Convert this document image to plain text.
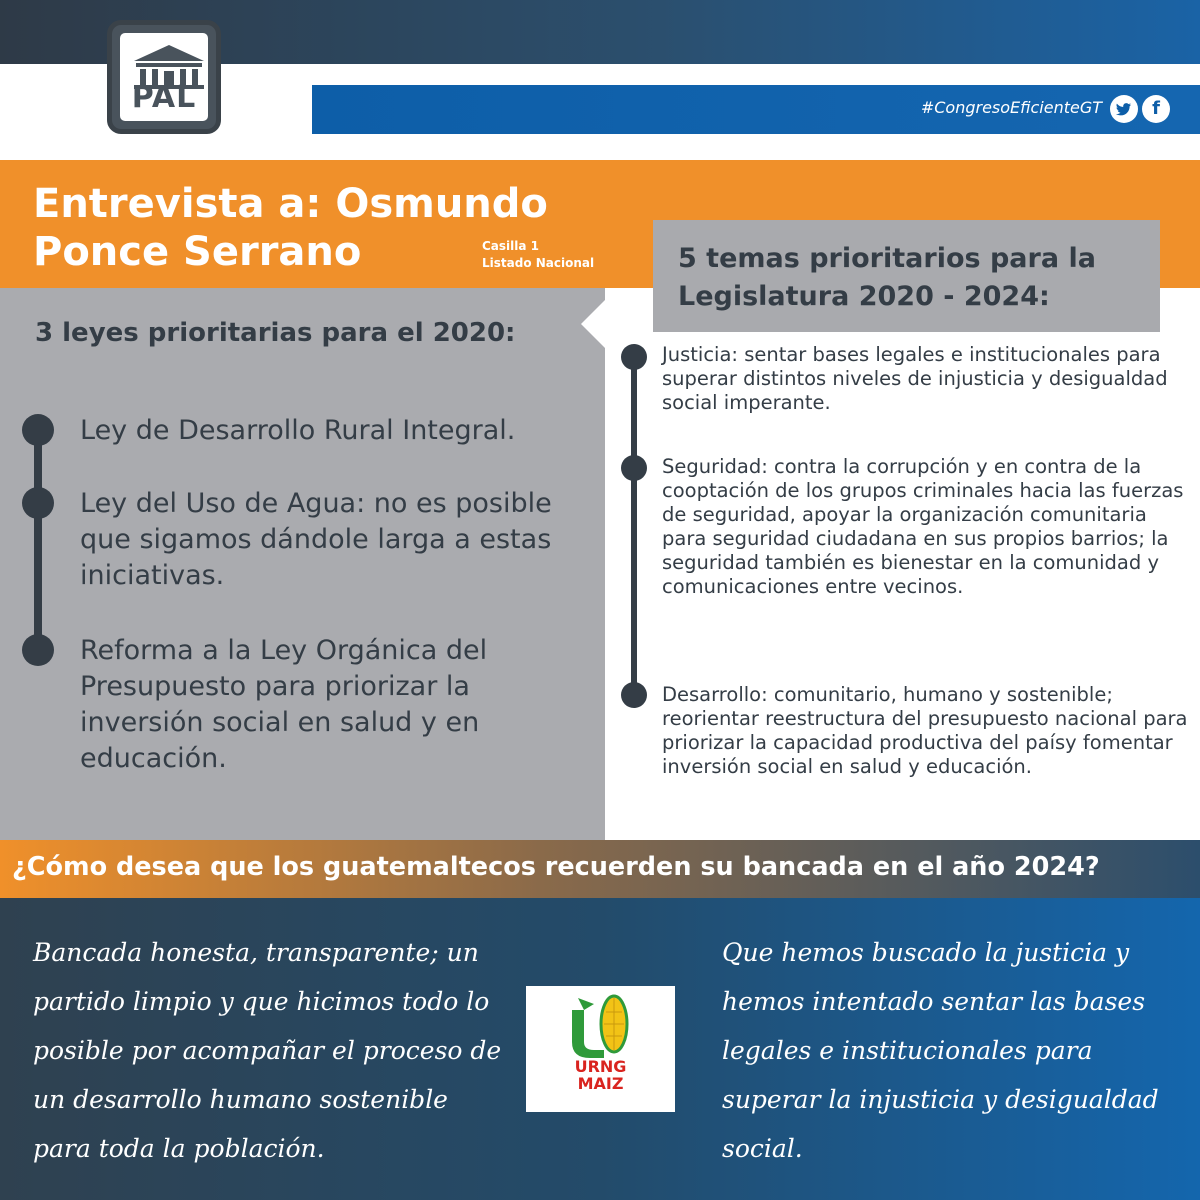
PAL	#CongresoEficienteGT	f
Entrevista a: Osmundo Ponce Serrano	Casilla 1
Listado Nacional
3 leyes prioritarias para el 2020:
Ley de Desarrollo Rural Integral.
Ley del Uso de Agua: no es posible que sigamos dándole larga a estas iniciativas.
Reforma a la Ley Orgánica del Presupuesto para priorizar la inversión social en salud y en educación.
5 temas prioritarios para la Legislatura 2020 - 2024:
Justicia: sentar bases legales e institucionales para superar distintos niveles de injusticia y desigualdad social imperante.
Seguridad: contra la corrupción y en contra de la cooptación de los grupos criminales hacia las fuerzas de seguridad, apoyar la organización comunitaria para seguridad ciudadana en sus propios barrios; la seguridad también es bienestar en la comunidad y comunicaciones entre vecinos.
Desarrollo: comunitario, humano y sostenible; reorientar reestructura del presupuesto nacional para priorizar la capacidad productiva del paísy fomentar inversión social en salud y educación.
¿Cómo desea que los guatemaltecos recuerden su bancada en el año 2024?
Bancada honesta, transparente; un partido limpio y que hicimos todo lo posible por acompañar el proceso de un desarrollo humano sostenible para toda la población.
Que hemos buscado la justicia y hemos intentado sentar las bases legales e institucionales para superar la injusticia y desigualdad social.
URNG
MAIZ
